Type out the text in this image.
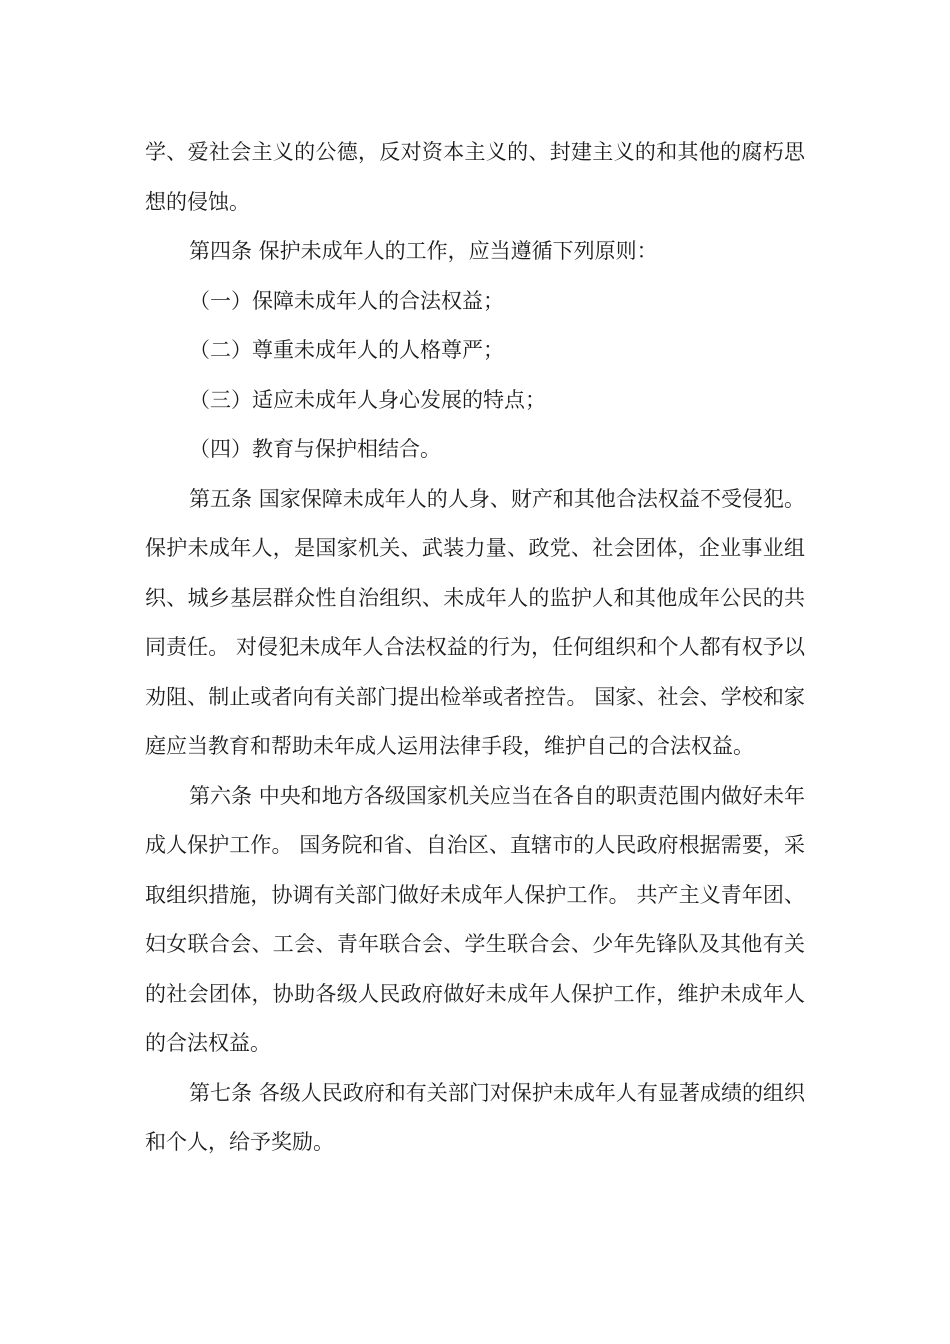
学、爱社会主义的公德，反对资本主义的、封建主义的和其他的腐朽思想的侵蚀。

第四条 保护未成年人的工作，应当遵循下列原则：

（一）保障未成年人的合法权益；

（二）尊重未成年人的人格尊严；

（三）适应未成年人身心发展的特点；

（四）教育与保护相结合。

第五条 国家保障未成年人的人身、财产和其他合法权益不受侵犯。 保护未成年人，是国家机关、武装力量、政党、社会团体，企业事业组织、城乡基层群众性自治组织、未成年人的监护人和其他成年公民的共同责任。 对侵犯未成年人合法权益的行为，任何组织和个人都有权予以劝阻、制止或者向有关部门提出检举或者控告。 国家、社会、学校和家庭应当教育和帮助未年成人运用法律手段，维护自己的合法权益。

第六条 中央和地方各级国家机关应当在各自的职责范围内做好未年成人保护工作。 国务院和省、自治区、直辖市的人民政府根据需要，采取组织措施，协调有关部门做好未成年人保护工作。 共产主义青年团、妇女联合会、工会、青年联合会、学生联合会、少年先锋队及其他有关的社会团体，协助各级人民政府做好未成年人保护工作，维护未成年人的合法权益。

第七条 各级人民政府和有关部门对保护未成年人有显著成绩的组织和个人，给予奖励。
